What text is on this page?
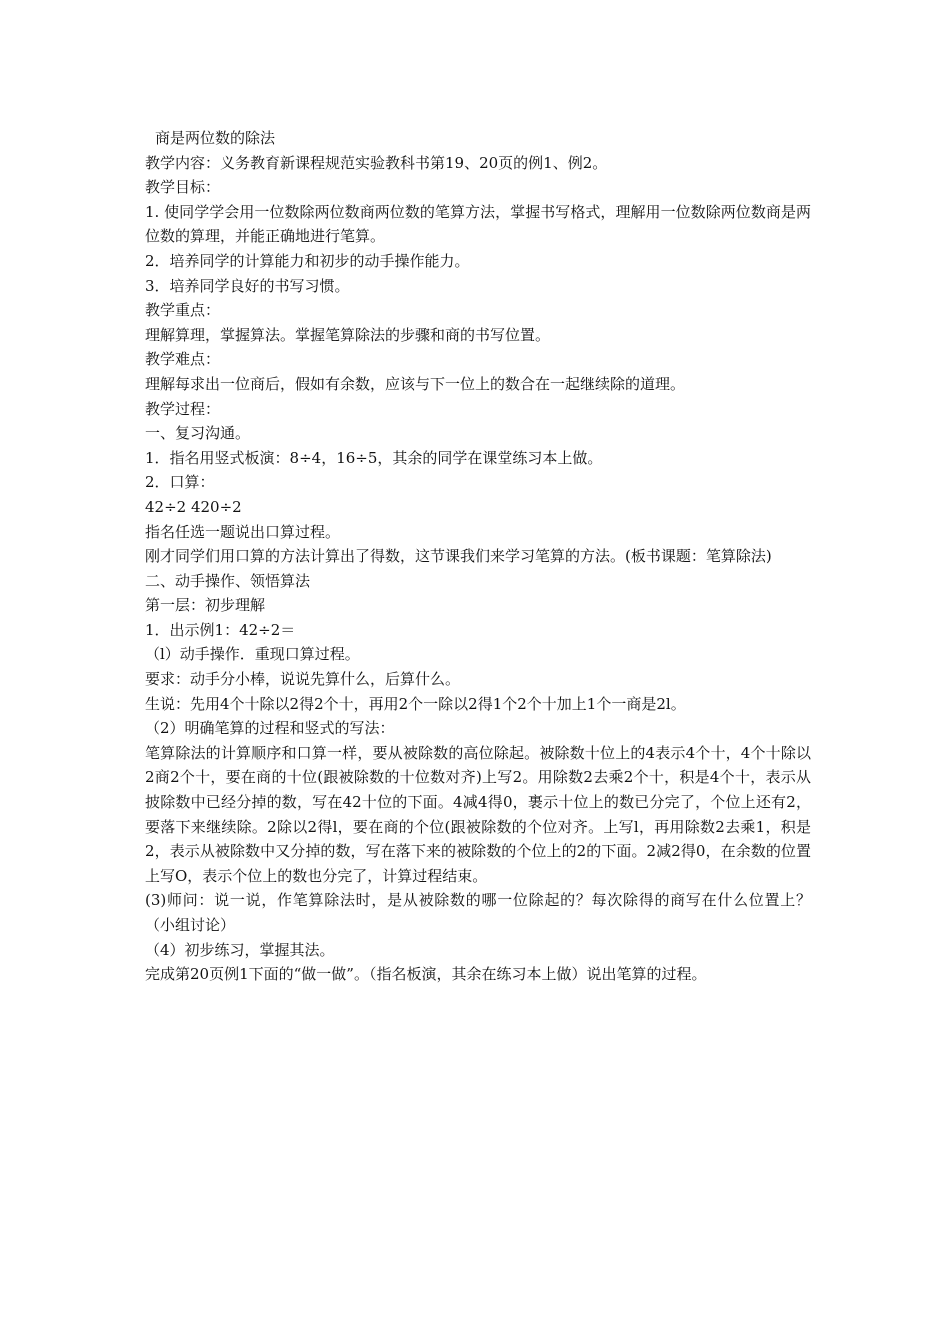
商是两位数的除法

教学内容：义务教育新课程规范实验教科书第19、20页的例1、例2。

教学目标：

1. 使同学学会用一位数除两位数商两位数的笔算方法，掌握书写格式，理解用一位数除两位数商是两位数的算理，并能正确地进行笔算。

2．培养同学的计算能力和初步的动手操作能力。

3．培养同学良好的书写习惯。

教学重点：

理解算理，掌握算法。掌握笔算除法的步骤和商的书写位置。

教学难点：

理解每求出一位商后，假如有余数，应该与下一位上的数合在一起继续除的道理。

教学过程：

一、复习沟通。

1．指名用竖式板演：8÷4，16÷5，其余的同学在课堂练习本上做。

2．口算：

42÷2 420÷2

指名任选一题说出口算过程。

刚才同学们用口算的方法计算出了得数，这节课我们来学习笔算的方法。(板书课题：笔算除法)

二、动手操作、领悟算法

第一层：初步理解

1．出示例1：42÷2＝

（l）动手操作．重现口算过程。

要求：动手分小棒，说说先算什么，后算什么。

生说：先用4个十除以2得2个十，再用2个一除以2得1个2个十加上1个一商是2l。

（2）明确笔算的过程和竖式的写法：

笔算除法的计算顺序和口算一样，要从被除数的高位除起。被除数十位上的4表示4个十，4个十除以2商2个十，要在商的十位(跟被除数的十位数对齐)上写2。用除数2去乘2个十，积是4个十，表示从披除数中已经分掉的数，写在42十位的下面。4减4得0，裹示十位上的数已分完了，个位上还有2，要落下来继续除。2除以2得l，要在商的个位(跟被除数的个位对齐。上写l，再用除数2去乘1，积是2，表示从被除数中又分掉的数，写在落下来的被除数的个位上的2的下面。2减2得0，在余数的位置上写O，表示个位上的数也分完了，计算过程结束。

(3)师问：说一说，作笔算除法时，是从被除数的哪一位除起的？每次除得的商写在什么位置上？（小组讨论）

（4）初步练习，掌握其法。

完成第20页例1下面的“做一做”。（指名板演，其余在练习本上做）说出笔算的过程。
